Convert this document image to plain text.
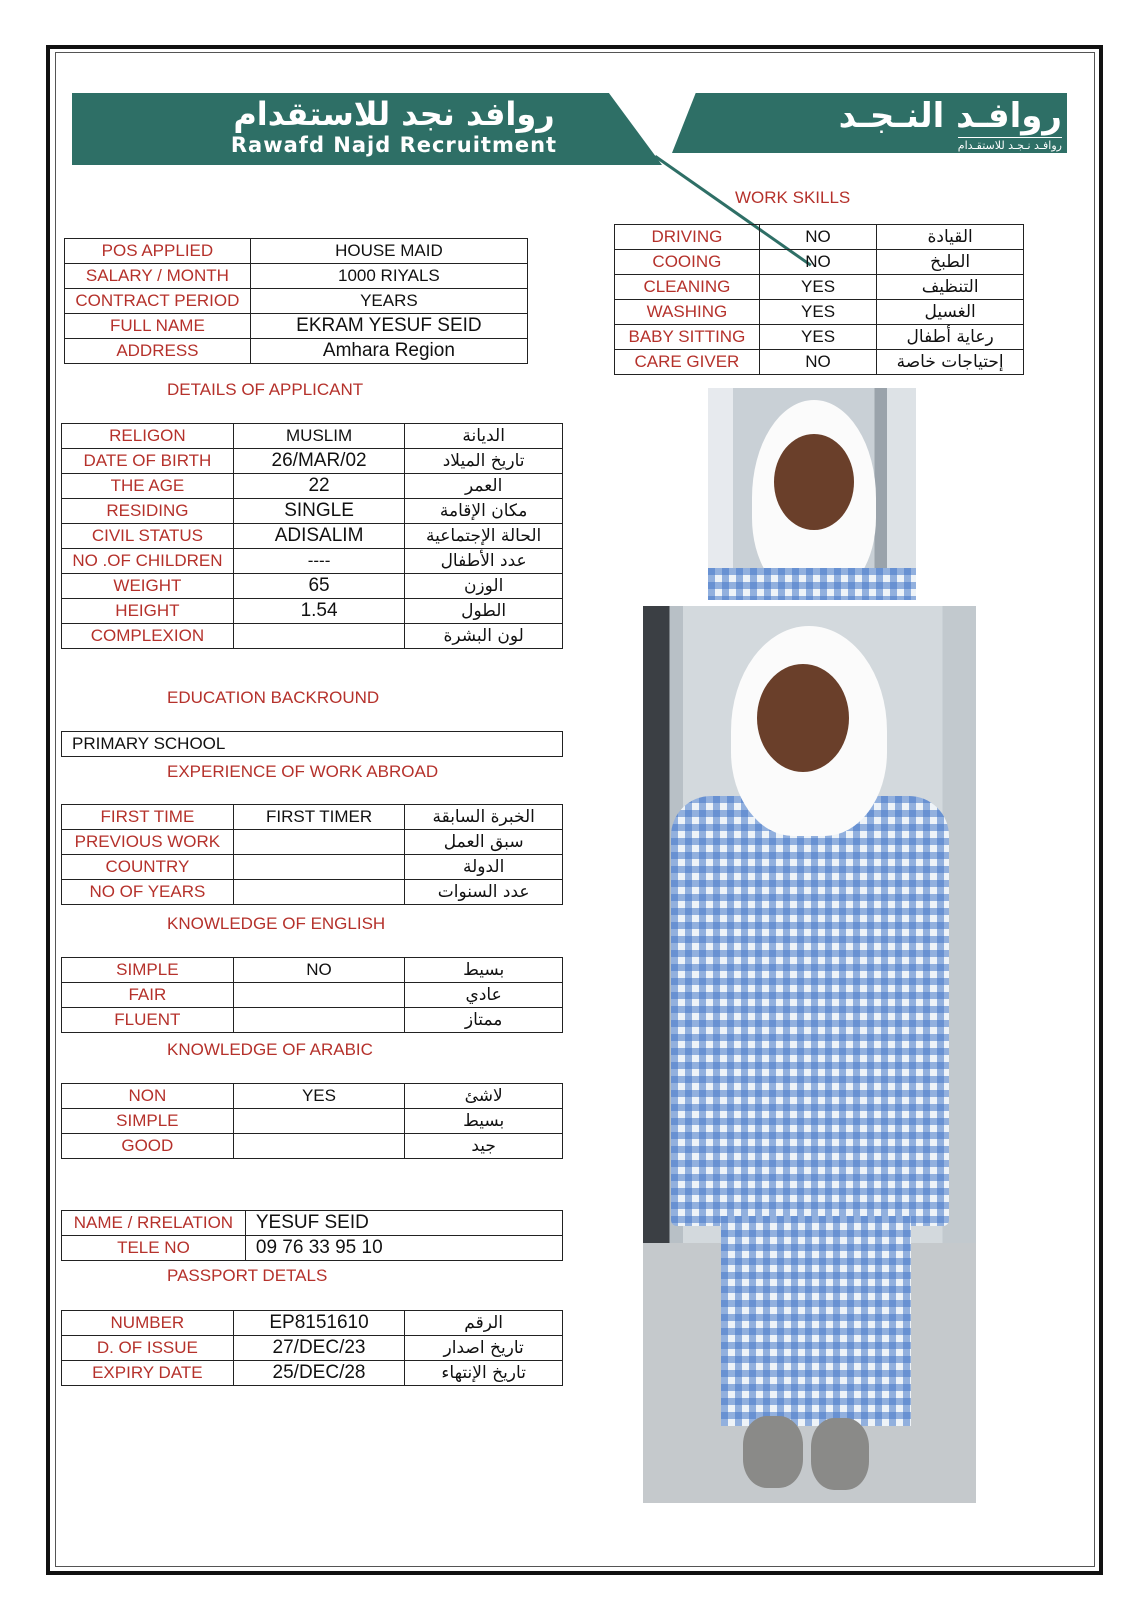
روافد نجد للاستقدام
Rawafd Najd Recruitment
روافـد النـجـد
روافـد نـجـد للاستقـدام
POS APPLIED	HOUSE MAID
SALARY / MONTH	1000 RIYALS
CONTRACT PERIOD	YEARS
FULL NAME	EKRAM YESUF SEID
ADDRESS	Amhara Region
DETAILS OF APPLICANT
WORK SKILLS
DRIVING	NO	القيادة
COOING	NO	الطبخ
CLEANING	YES	التنظيف
WASHING	YES	الغسيل
BABY SITTING	YES	رعاية أطفال
CARE GIVER	NO	إحتياجات خاصة
RELIGON	MUSLIM	الديانة
DATE OF BIRTH	26/MAR/02	تاريخ الميلاد
THE AGE	22	العمر
RESIDING	SINGLE	مكان الإقامة
CIVIL STATUS	ADISALIM	الحالة الإجتماعية
NO .OF CHILDREN	----	عدد الأطفال
WEIGHT	65	الوزن
HEIGHT	1.54	الطول
COMPLEXION		لون البشرة
EDUCATION BACKROUND
PRIMARY SCHOOL
EXPERIENCE OF WORK ABROAD
FIRST TIME	FIRST TIMER	الخبرة السابقة
PREVIOUS WORK		سبق العمل
COUNTRY		الدولة
NO OF YEARS		عدد السنوات
KNOWLEDGE OF ENGLISH
SIMPLE	NO	بسيط
FAIR		عادي
FLUENT		ممتاز
KNOWLEDGE OF ARABIC
NON	YES	لاشئ
SIMPLE		بسيط
GOOD		جيد
NAME / RRELATION	YESUF SEID
TELE NO	09 76 33 95 10
PASSPORT DETALS
NUMBER	EP8151610	الرقم
D. OF ISSUE	27/DEC/23	تاريخ اصدار
EXPIRY DATE	25/DEC/28	تاريخ الإنتهاء
